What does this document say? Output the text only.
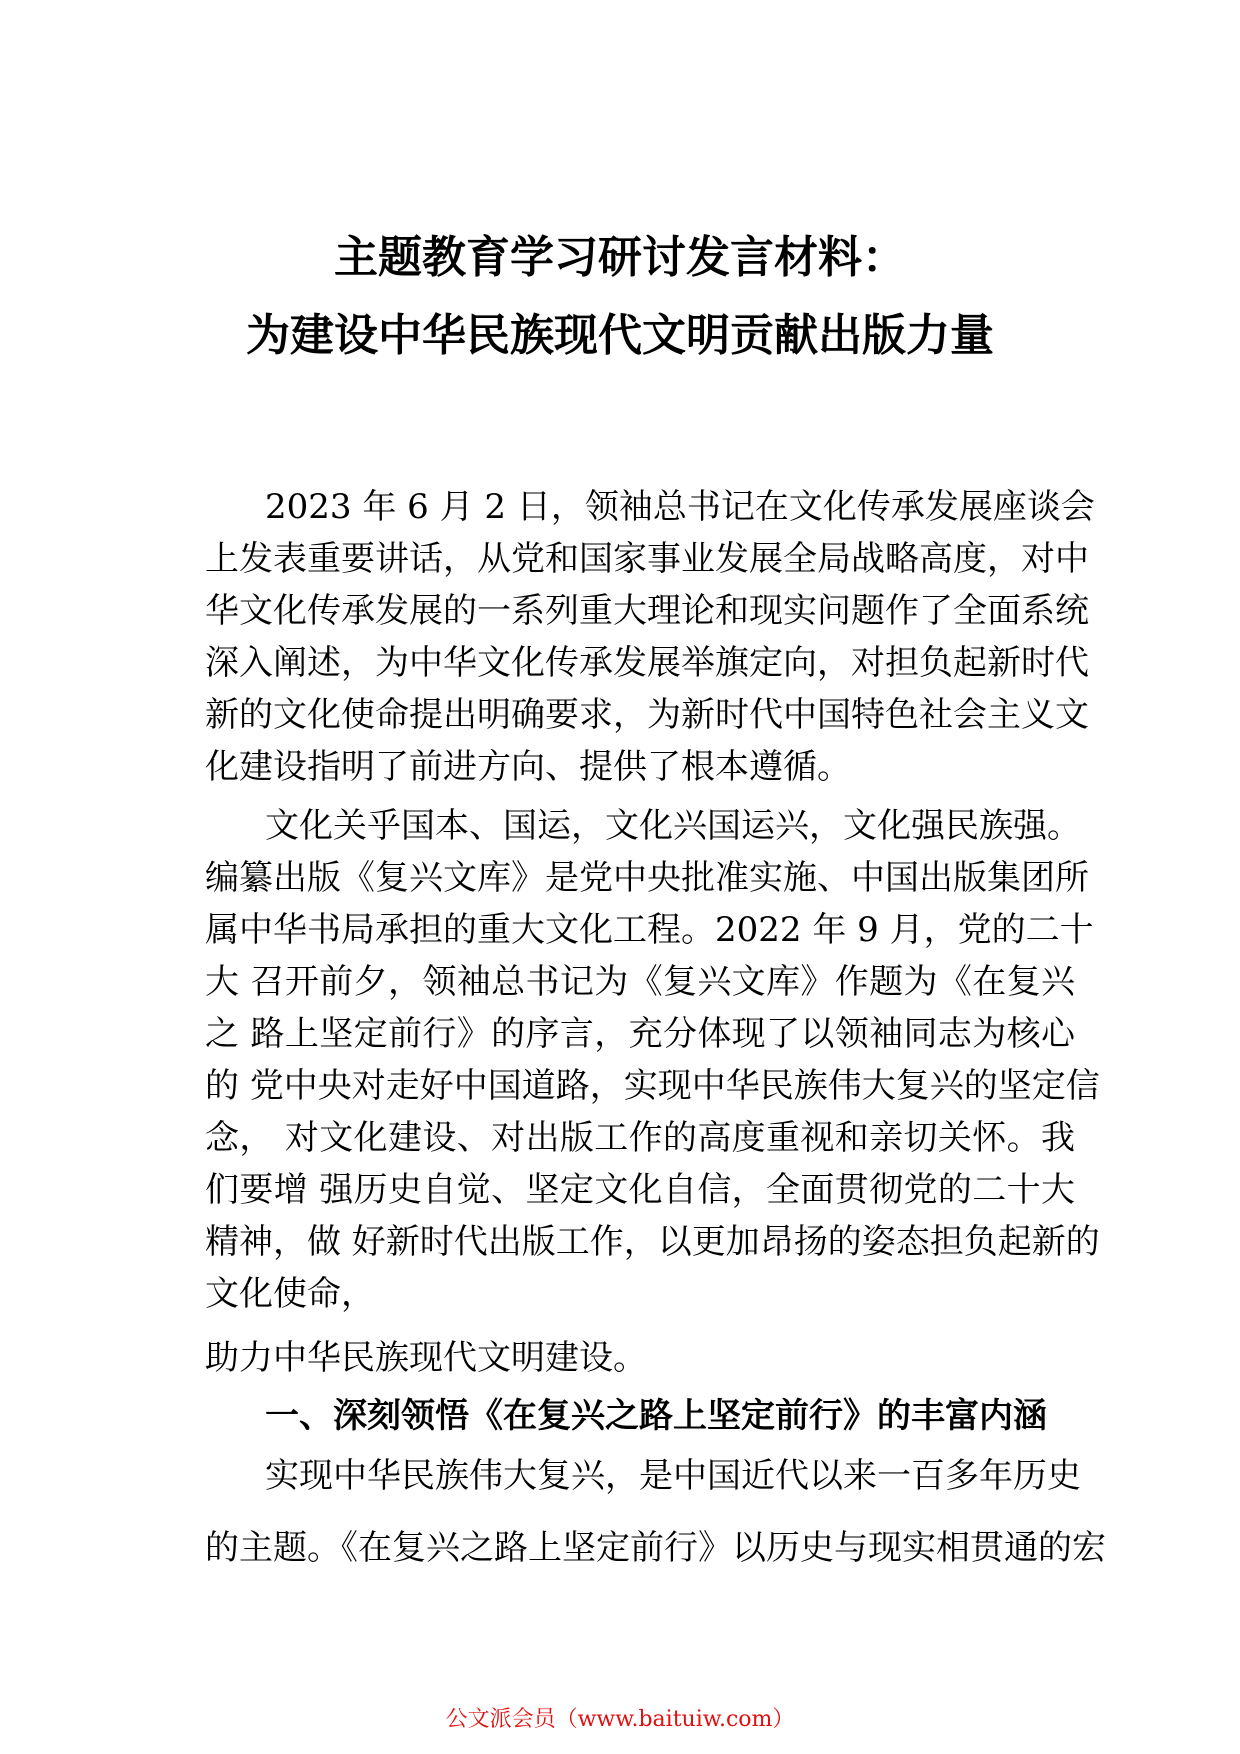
主题教育学习研讨发言材料：
为建设中华民族现代文明贡献出版力量
2023 年 6 月 2 日，领袖总书记在文化传承发展座谈会
上发表重要讲话，从党和国家事业发展全局战略高度，对中
华文化传承发展的一系列重大理论和现实问题作了全面系统
深入阐述，为中华文化传承发展举旗定向，对担负起新时代
新的文化使命提出明确要求，为新时代中国特色社会主义文
化建设指明了前进方向、提供了根本遵循。
文化关乎国本、国运，文化兴国运兴，文化强民族强。
编纂出版《复兴文库》是党中央批准实施、中国出版集团所
属中华书局承担的重大文化工程。2022 年 9 月，党的二十
大 召开前夕，领袖总书记为《复兴文库》作题为《在复兴
之 路上坚定前行》的序言，充分体现了以领袖同志为核心
的 党中央对走好中国道路，实现中华民族伟大复兴的坚定信
念， 对文化建设、对出版工作的高度重视和亲切关怀。我
们要增 强历史自觉、坚定文化自信，全面贯彻党的二十大
精神，做 好新时代出版工作，以更加昂扬的姿态担负起新的
文化使命，
助力中华民族现代文明建设。
一、深刻领悟《在复兴之路上坚定前行》的丰富内涵
实现中华民族伟大复兴，是中国近代以来一百多年历史
的主题。《在复兴之路上坚定前行》以历史与现实相贯通的宏

公文派会员（www.baituiw.com）
